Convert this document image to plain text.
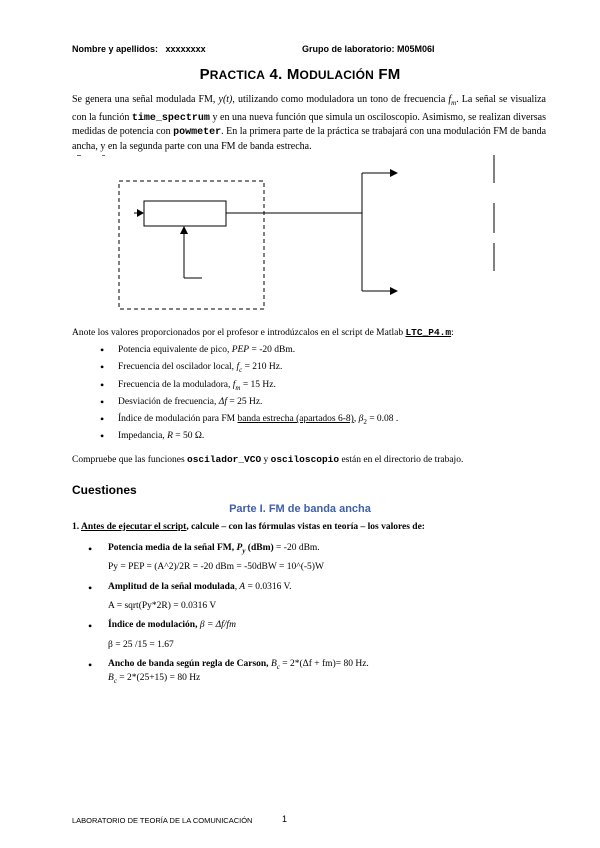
Nombre y apellidos: xxxxxxxx	Grupo de laboratorio: M05M06I
PRACTICA 4. MODULACIÓN FM
Se genera una señal modulada FM, y(t), utilizando como moduladora un tono de frecuencia $f_m$. La señal se visualiza con la función time_spectrum y en una nueva función que simula un osciloscopio. Asimismo, se realizan diversas medidas de potencia con powmeter. En la primera parte de la práctica se trabajará con una modulación FM de banda ancha, y en la segunda parte con una FM de banda estrecha.
Anote los valores proporcionados por el profesor e introdúzcalos en el script de Matlab LTC_P4.m:
• Potencia equivalente de pico, PEP = -20 dBm.
• Frecuencia del oscilador local, $f_c = 210$ Hz.
• Frecuencia de la moduladora, $f_m = 15$ Hz.
• Desviación de frecuencia, Δf = 25 Hz.
• Índice de modulación para FM banda estrecha (apartados 6-8), $\beta_2 = 0.08$ .
• Impedancia, R = 50 Ω.
Compruebe que las funciones oscilador_VCO y osciloscopio están en el directorio de trabajo.
Cuestiones
Parte I. FM de banda ancha
1. Antes de ejecutar el script, calcule – con las fórmulas vistas en teoría – los valores de:
• Potencia media de la señal FM, $P_y$ (dBm) = -20 dBm.
Py = PEP = (A^2)/2R = -20 dBm = -50dBW = 10^(-5)W
• Amplitud de la señal modulada, A = 0.0316 V.
A = sqrt(Py*2R) = 0.0316 V
• Índice de modulación, β = Δf/fm
β = 25 /15 = 1.67
• Ancho de banda según regla de Carson, $B_c = 2*(\Delta f + fm)= 80$ Hz.
$B_c = 2*(25+15) = 80$ Hz
LABORATORIO DE TEORÍA DE LA COMUNICACIÓN	1
